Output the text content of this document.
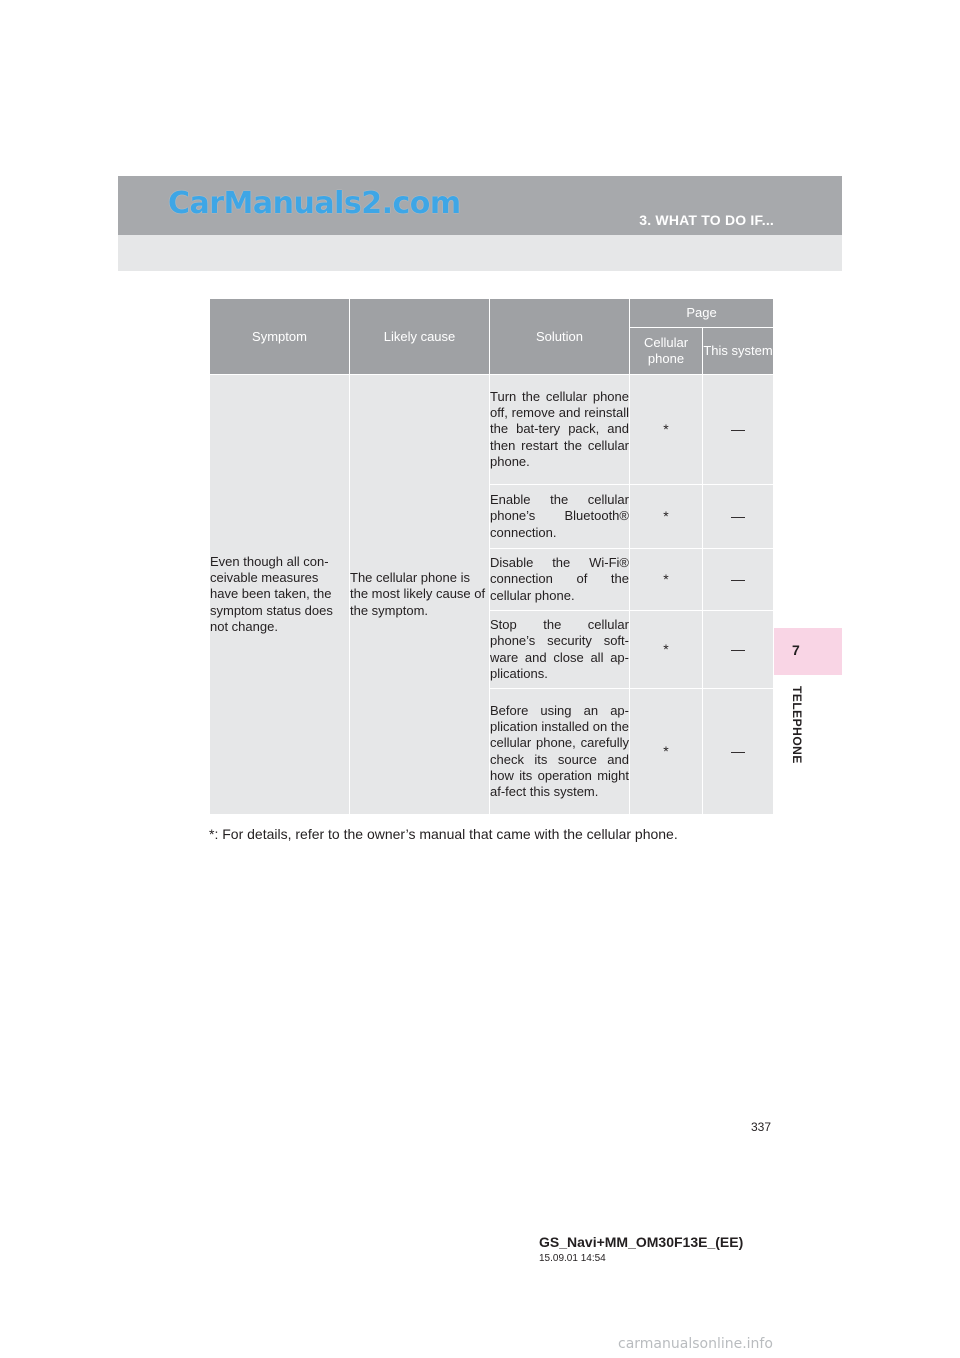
CarManuals2.com	3. WHAT TO DO IF...
7
TELEPHONE
Symptom	Likely cause	Solution	Page	
			Cellular phone	This system
Even though all con-ceivable measures have been taken, the symptom status does not change.	The cellular phone is the most likely cause of the symptom.	Turn the cellular phone off, remove and reinstall the bat-tery pack, and then restart the cellular phone.	*	—
		Enable the cellular phone’s Bluetooth® connection.	*	—
		Disable the Wi-Fi® connection of the cellular phone.	*	—
		Stop the cellular phone’s security soft-ware and close all ap-plications.	*	—
		Before using an ap-plication installed on the cellular phone, carefully check its source and how its operation might af-fect this system.	*	—
*: For details, refer to the owner’s manual that came with the cellular phone.
337
GS_Navi+MM_OM30F13E_(EE)
15.09.01 14:54
carmanualsonline.info
